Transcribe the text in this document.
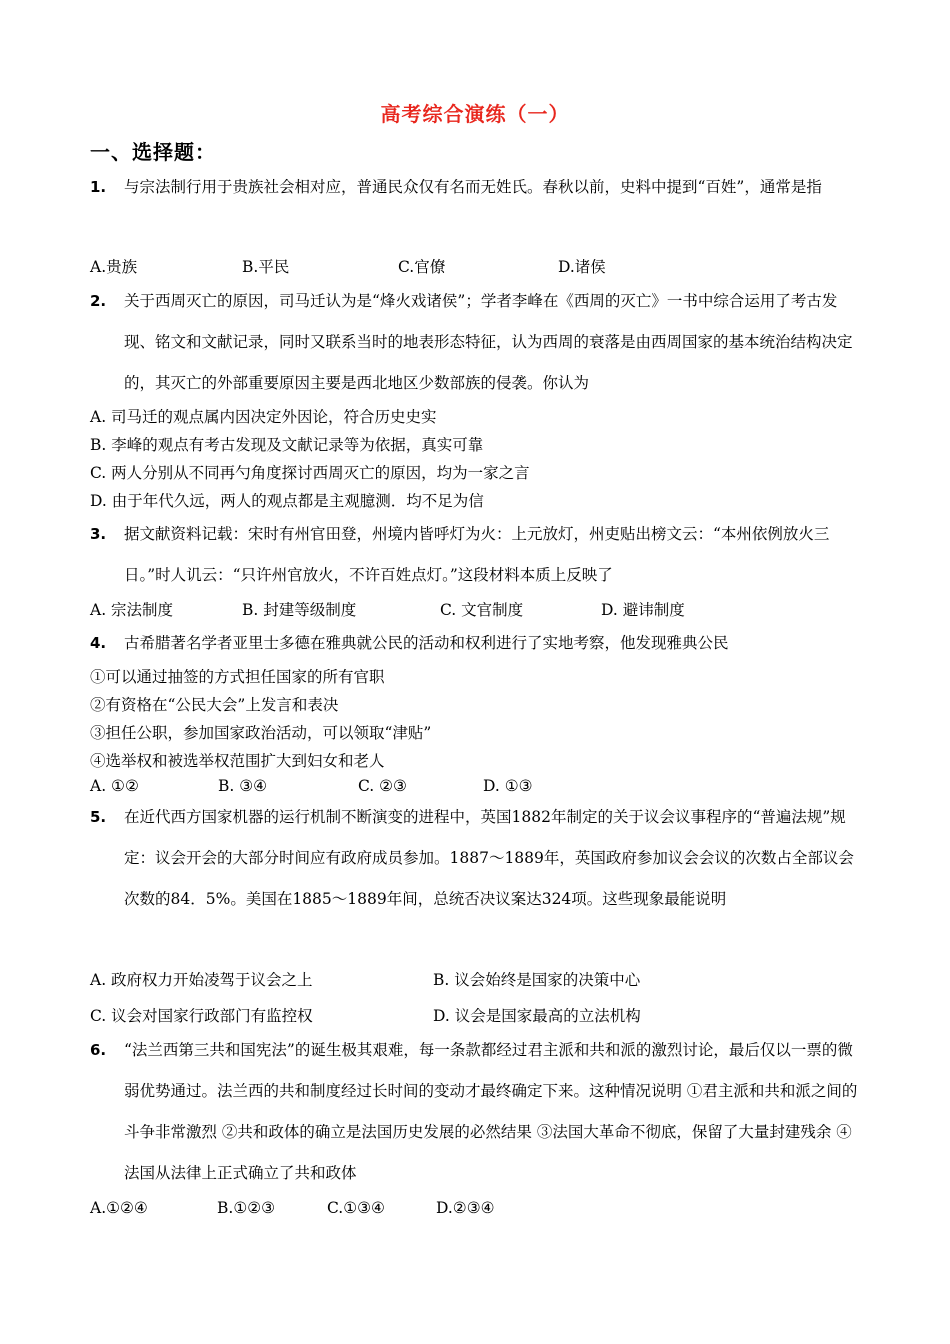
高考综合演练（一）
一、选择题：
1. 与宗法制行用于贵族社会相对应，普通民众仅有名而无姓氏。春秋以前，史料中提到“百姓”，通常是指
A.贵族	B.平民	C.官僚	D.诸侯
2. 关于西周灭亡的原因，司马迁认为是“烽火戏诸侯”；学者李峰在《西周的灭亡》一书中综合运用了考古发现、铭文和文献记录，同时又联系当时的地表形态特征，认为西周的衰落是由西周国家的基本统治结构决定的，其灭亡的外部重要原因主要是西北地区少数部族的侵袭。你认为
A. 司马迁的观点属内因决定外因论，符合历史史实
B. 李峰的观点有考古发现及文献记录等为依据，真实可靠
C. 两人分别从不同再勺角度探讨西周灭亡的原因，均为一家之言
D. 由于年代久远，两人的观点都是主观臆测．均不足为信
3. 据文献资料记载：宋时有州官田登，州境内皆呼灯为火：上元放灯，州吏贴出榜文云：“本州依例放火三日。”时人讥云：“只许州官放火，不许百姓点灯。”这段材料本质上反映了
A. 宗法制度	B. 封建等级制度	C. 文官制度	D. 避讳制度
4. 古希腊著名学者亚里士多德在雅典就公民的活动和权利进行了实地考察，他发现雅典公民
①可以通过抽签的方式担任国家的所有官职
②有资格在“公民大会”上发言和表决
③担任公职，参加国家政治活动，可以领取“津贴”
④选举权和被选举权范围扩大到妇女和老人
A. ①②	B. ③④	C. ②③	D. ①③
5. 在近代西方国家机器的运行机制不断演变的进程中，英国1882年制定的关于议会议事程序的“普遍法规”规定：议会开会的大部分时间应有政府成员参加。1887～1889年，英国政府参加议会会议的次数占全部议会次数的84．5%。美国在1885～1889年间，总统否决议案达324项。这些现象最能说明
A. 政府权力开始凌驾于议会之上	B. 议会始终是国家的决策中心
C. 议会对国家行政部门有监控权	D. 议会是国家最高的立法机构
6. “法兰西第三共和国宪法”的诞生极其艰难，每一条款都经过君主派和共和派的激烈讨论，最后仅以一票的微弱优势通过。法兰西的共和制度经过长时间的变动才最终确定下来。这种情况说明 ①君主派和共和派之间的斗争非常激烈 ②共和政体的确立是法国历史发展的必然结果 ③法国大革命不彻底，保留了大量封建残余 ④法国从法律上正式确立了共和政体
A.①②④	B.①②③	C.①③④	D.②③④
